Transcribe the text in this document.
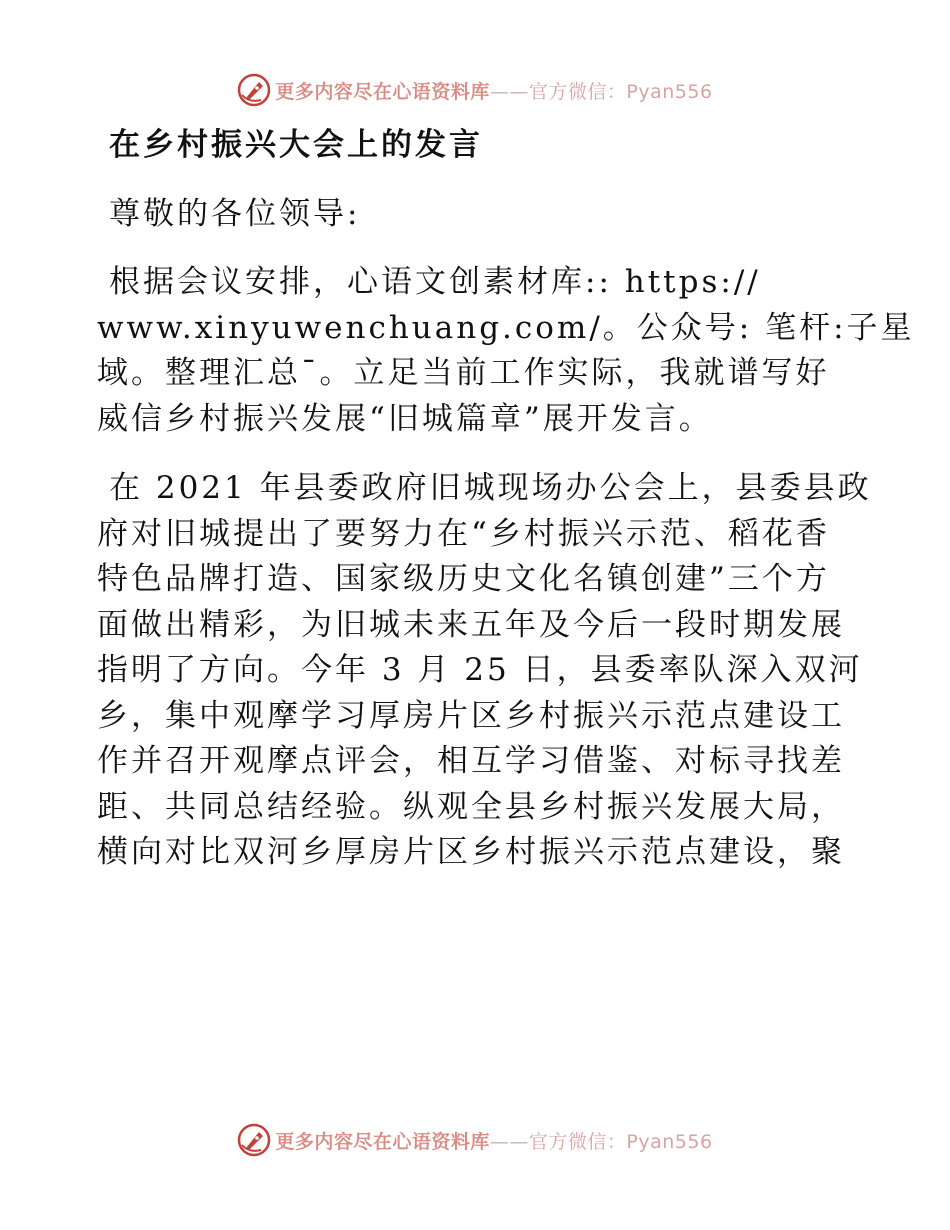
更多内容尽在心语资料库——官方微信：Pyan556
在乡村振兴大会上的发言

尊敬的各位领导:

根据会议安排，心语文创素材库:: https://
www.xinyuwenchuang.com/。公众号: 笔杆:子星
域。整理汇总¯。立足当前工作实际，我就谱写好
威信乡村振兴发展“旧城篇章”展开发言。

在 2021 年县委政府旧城现场办公会上，县委县政
府对旧城提出了要努力在“乡村振兴示范、稻花香
特色品牌打造、国家级历史文化名镇创建”三个方
面做出精彩，为旧城未来五年及今后一段时期发展
指明了方向。今年 3 月 25 日，县委率队深入双河
乡，集中观摩学习厚房片区乡村振兴示范点建设工
作并召开观摩点评会，相互学习借鉴、对标寻找差
距、共同总结经验。纵观全县乡村振兴发展大局，
横向对比双河乡厚房片区乡村振兴示范点建设，聚

更多内容尽在心语资料库——官方微信：Pyan556
